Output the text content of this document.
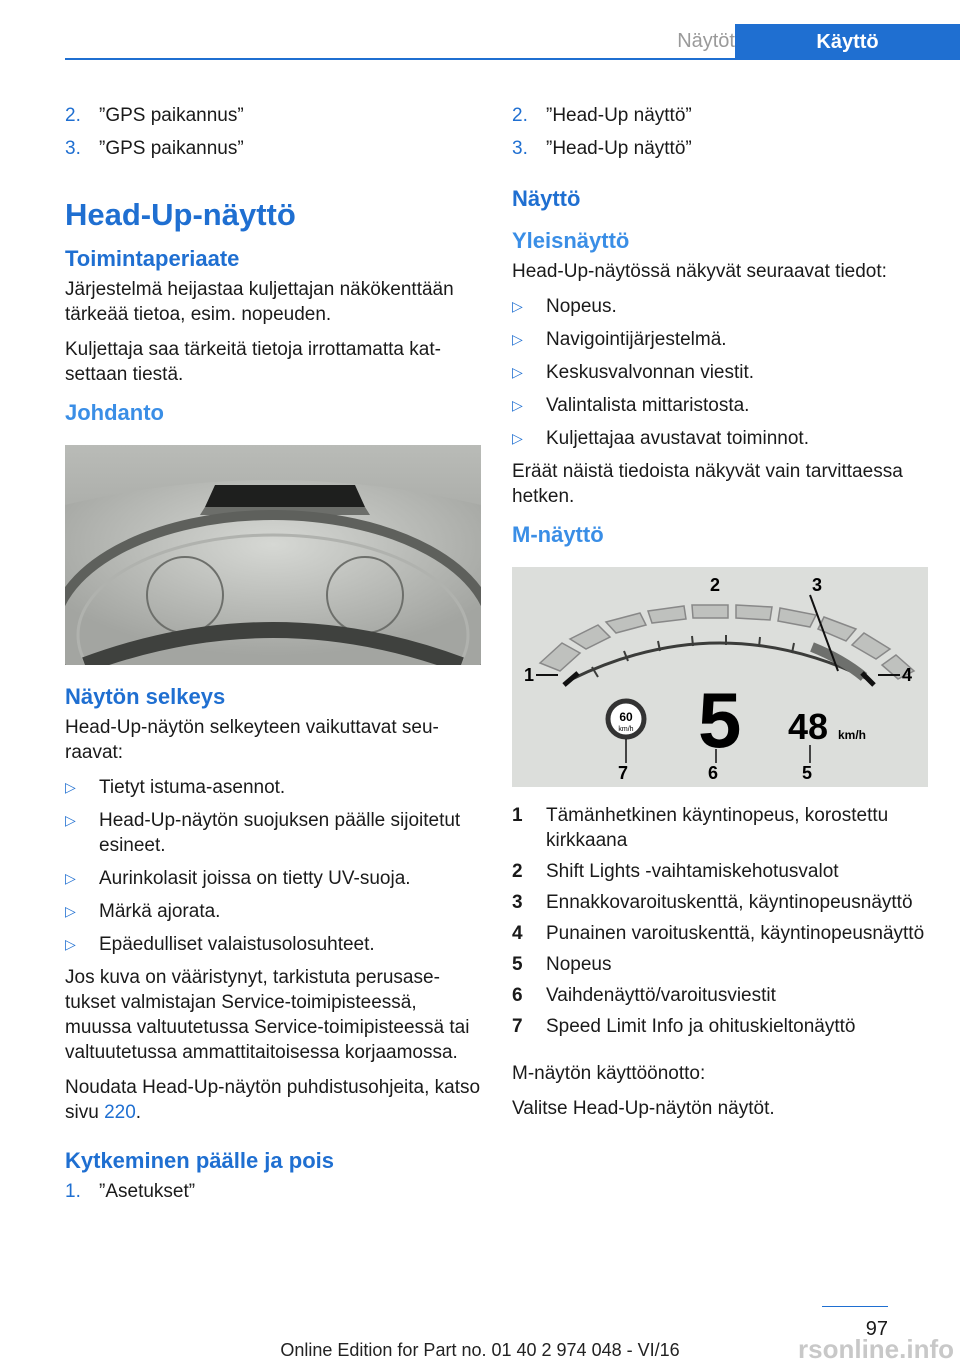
Näytöt	Käyttö
2. ”GPS paikannus”
3. ”GPS paikannus”
Head-Up-näyttö
Toimintaperiaate

Järjestelmä heijastaa kuljettajan näkökenttään tärkeää tietoa, esim. nopeuden.

Kuljettaja saa tärkeitä tietoja irrottamatta katsettaan tiestä.

Johdanto
Näytön selkeys

Head-Up-näytön selkeyteen vaikuttavat seuraavat:

▷	Tietyt istuma-asennot.
▷	Head-Up-näytön suojuksen päälle sijoitetut esineet.
▷	Aurinkolasit joissa on tietty UV-suoja.
▷	Märkä ajorata.
▷	Epäedulliset valaistusolosuhteet.

Jos kuva on vääristynyt, tarkistuta perusasetukset valmistajan Service-toimipisteessä, muussa valtuutetussa Service-toimipisteessä tai valtuutetussa ammattitaitoisessa korjaamossa.

Noudata Head-Up-näytön puhdistusohjeita, katso sivu 220.

Kytkeminen päälle ja pois
1. ”Asetukset”
2. ”Head-Up näyttö”
3. ”Head-Up näyttö”
Näyttö
Yleisnäyttö

Head-Up-näytössä näkyvät seuraavat tiedot:

▷	Nopeus.
▷	Navigointijärjestelmä.
▷	Keskusvalvonnan viestit.
▷	Valintalista mittaristosta.
▷	Kuljettajaa avustavat toiminnot.

Eräät näistä tiedoista näkyvät vain tarvittaessa hetken.

M-näyttö
1
2	3
4
5
6
7
60
km/h 5 48 km/h
1	Tämänhetkinen käyntinopeus, korostettu kirkkaana
2	Shift Lights -vaihtamiskehotusvalot
3	Ennakkovaroituskenttä, käyntinopeusnäyttö
4	Punainen varoituskenttä, käyntinopeusnäyttö
5	Nopeus
6	Vaihdenäyttö/varoitusviestit
7	Speed Limit Info ja ohituskieltonäyttö

M-näytön käyttöönotto:

Valitse Head-Up-näytön näytöt.

97
Online Edition for Part no. 01 40 2 974 048 - VI/16	rsonline.info
